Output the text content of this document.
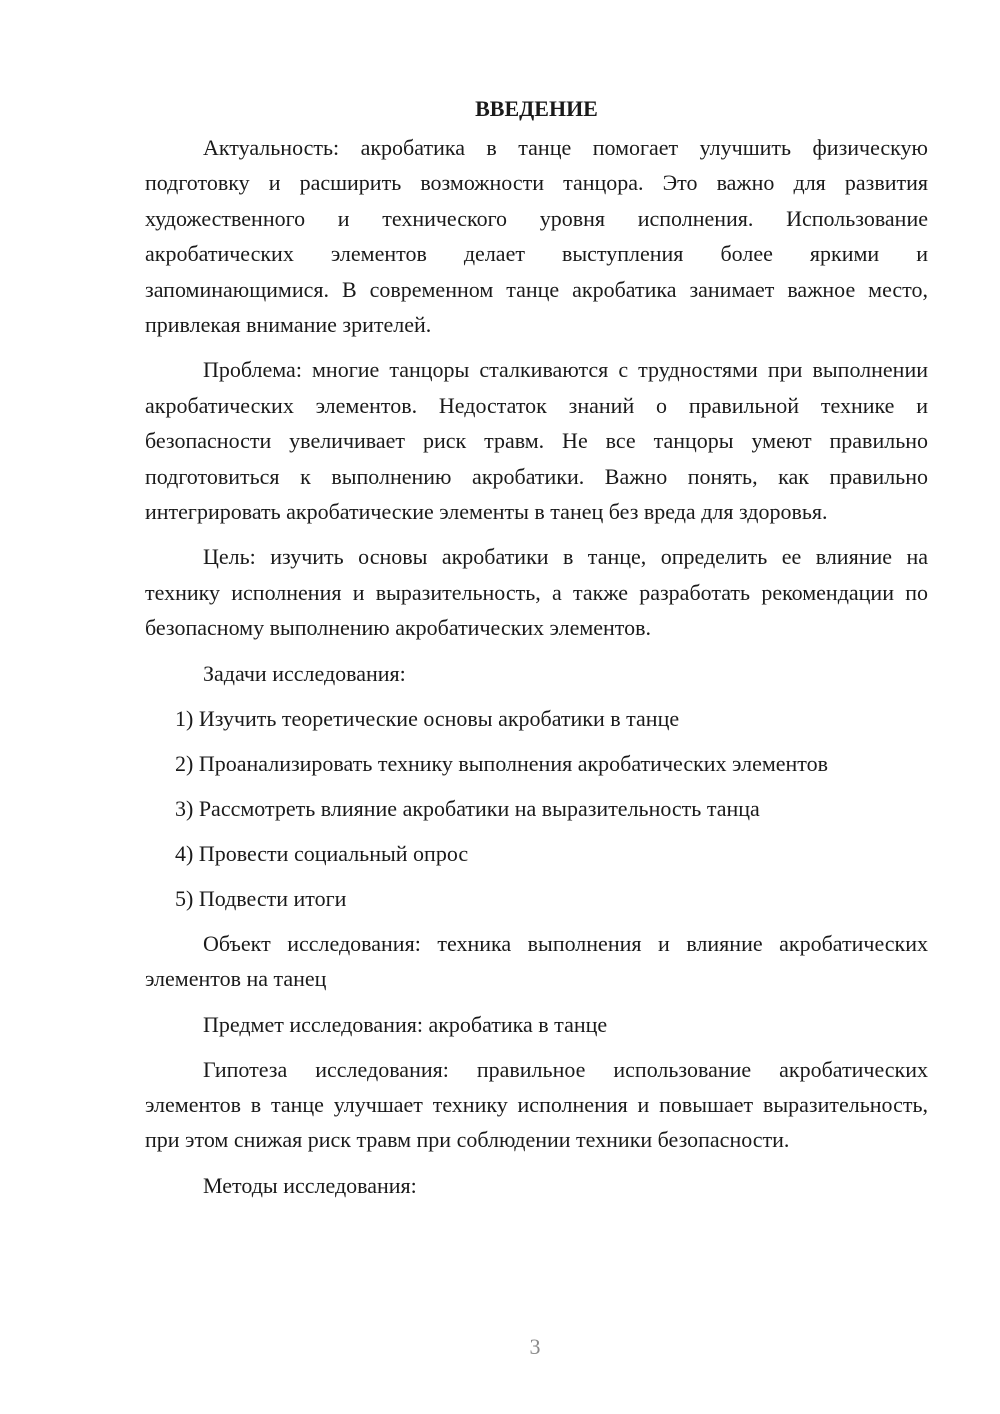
ВВЕДЕНИЕ

Актуальность: акробатика в танце помогает улучшить физическую подготовку и расширить возможности танцора. Это важно для развития художественного и технического уровня исполнения. Использование акробатических элементов делает выступления более яркими и запоминающимися. В современном танце акробатика занимает важное место, привлекая внимание зрителей.

Проблема: многие танцоры сталкиваются с трудностями при выполнении акробатических элементов. Недостаток знаний о правильной технике и безопасности увеличивает риск травм. Не все танцоры умеют правильно подготовиться к выполнению акробатики. Важно понять, как правильно интегрировать акробатические элементы в танец без вреда для здоровья.

Цель: изучить основы акробатики в танце, определить ее влияние на технику исполнения и выразительность, а также разработать рекомендации по безопасному выполнению акробатических элементов.

Задачи исследования:

1) Изучить теоретические основы акробатики в танце
2) Проанализировать технику выполнения акробатических элементов
3) Рассмотреть влияние акробатики на выразительность танца
4) Провести социальный опрос
5) Подвести итоги

Объект исследования: техника выполнения и влияние акробатических элементов на танец

Предмет исследования: акробатика в танце

Гипотеза исследования: правильное использование акробатических элементов в танце улучшает технику исполнения и повышает выразительность, при этом снижая риск травм при соблюдении техники безопасности.

Методы исследования:

3
